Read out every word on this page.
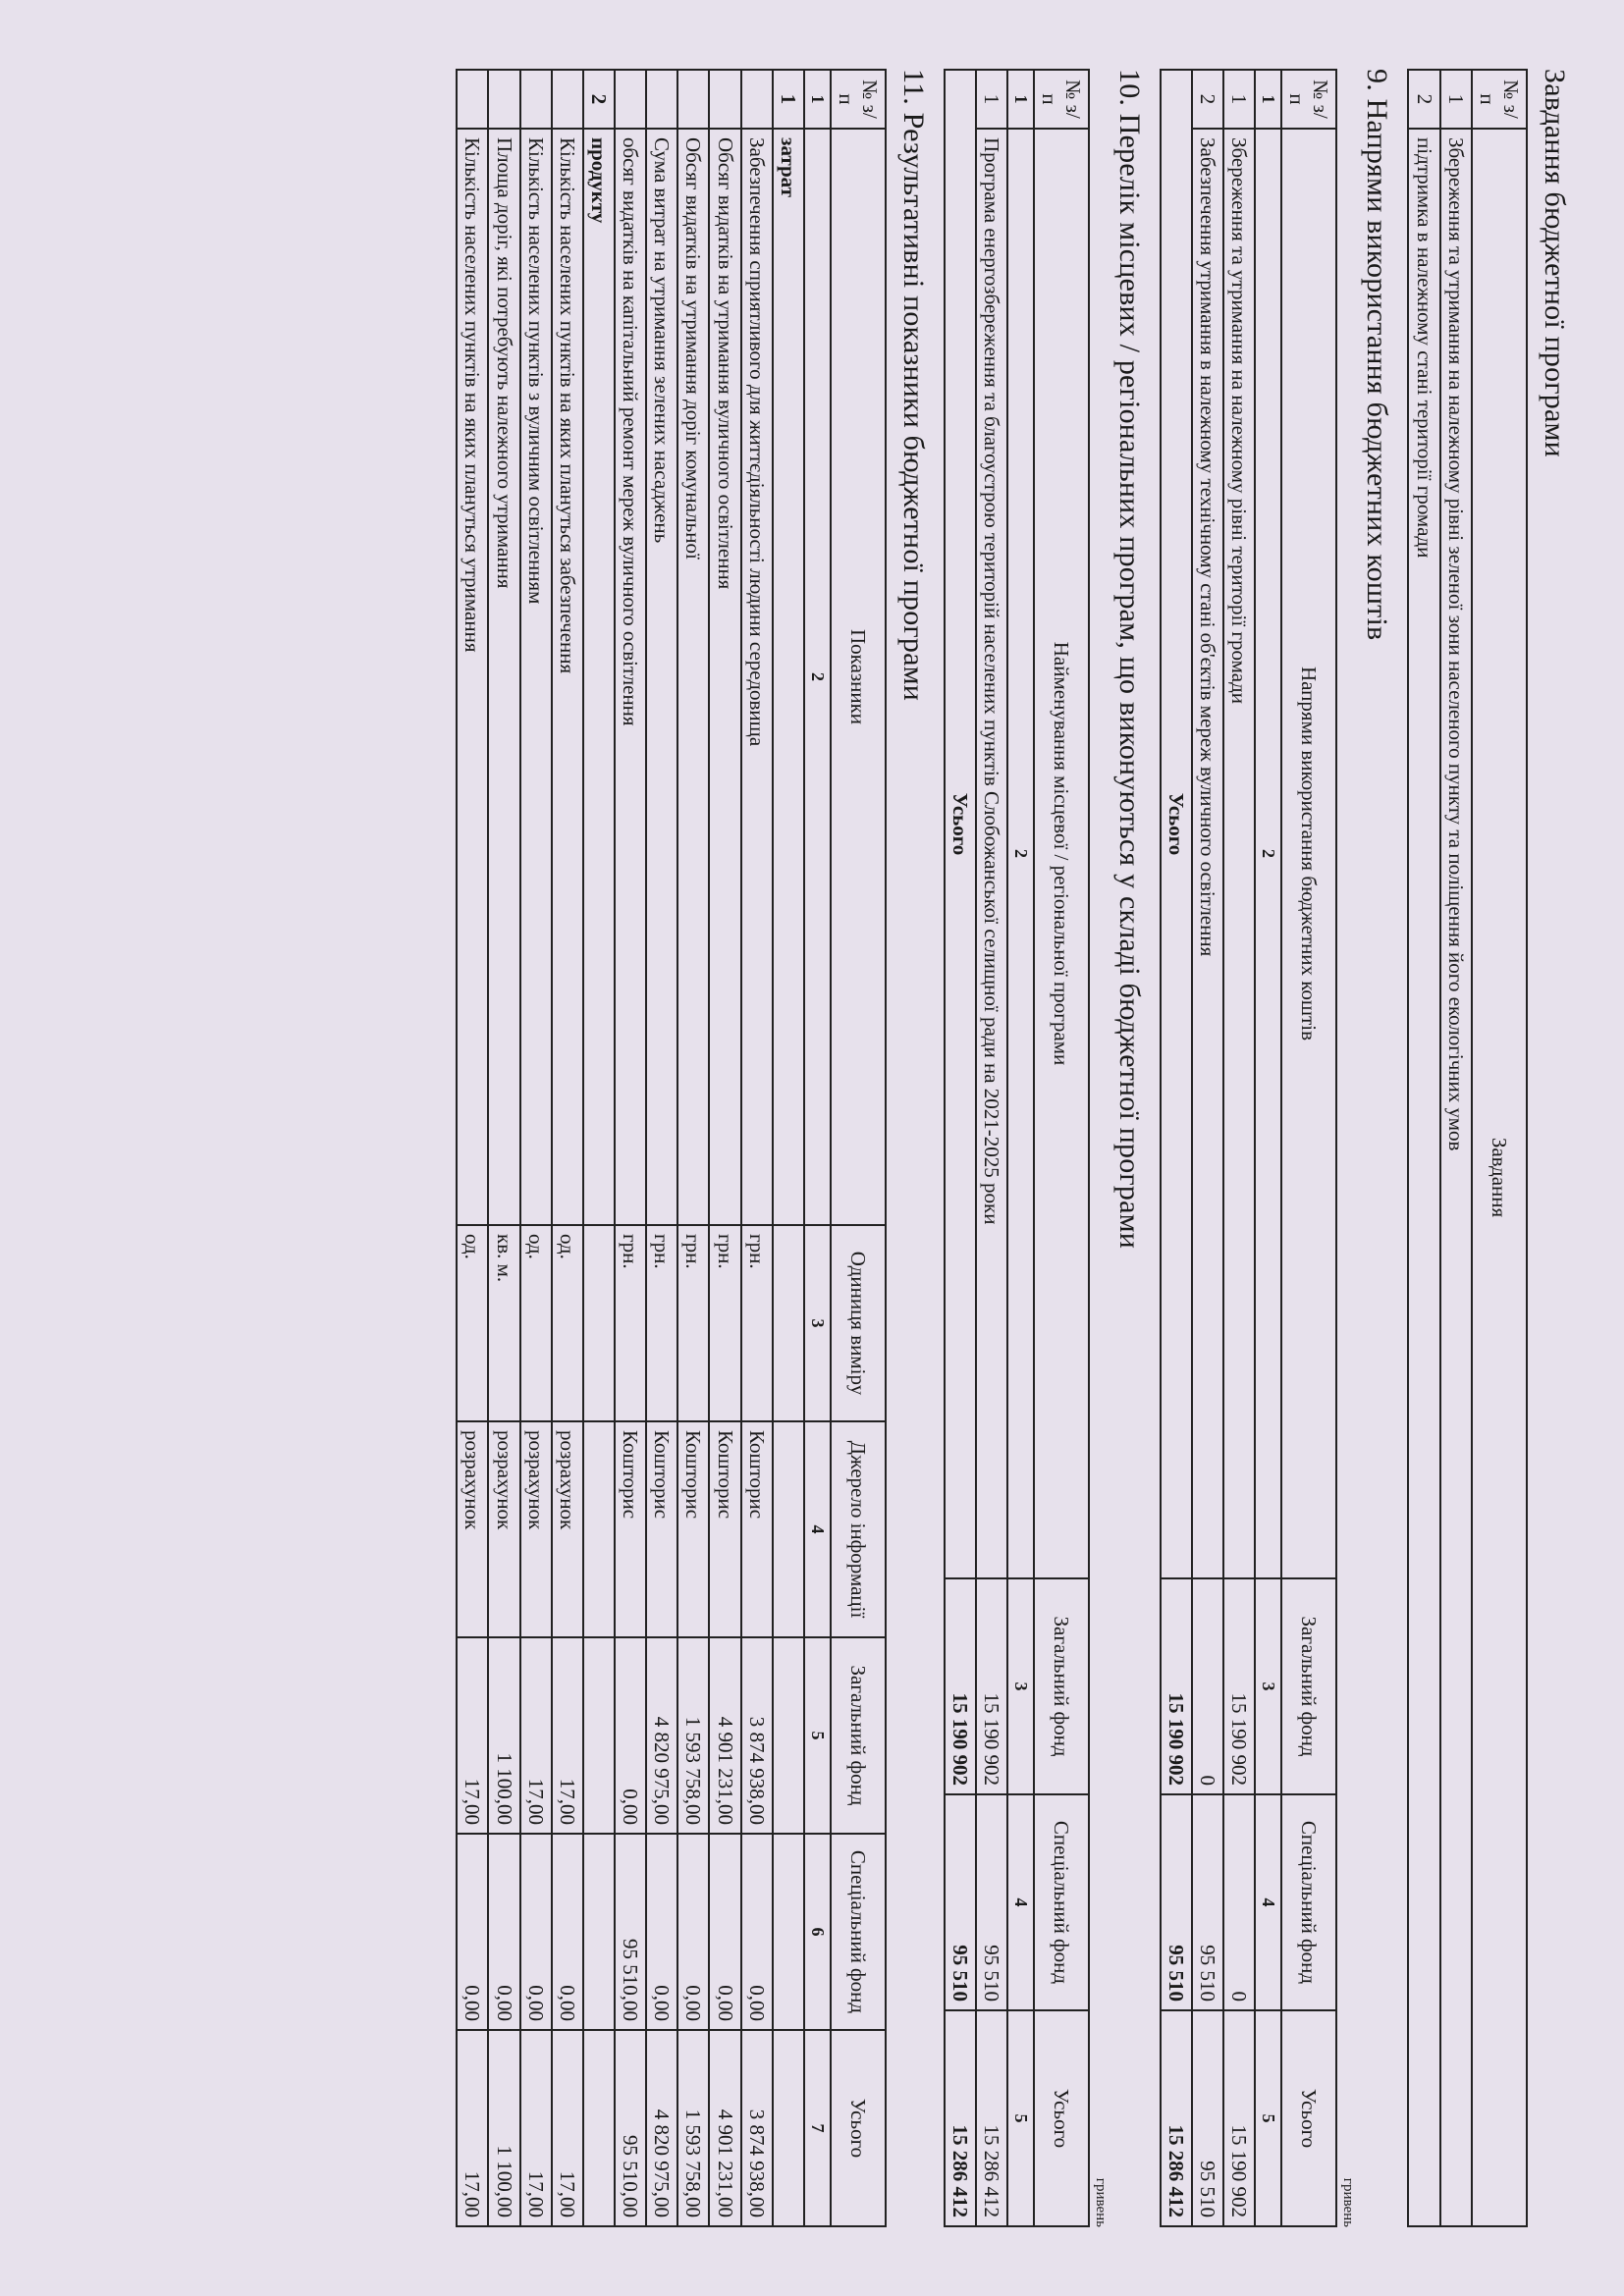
Завдання бюджетної програми
№ з/п	Завдання
1	Збереження та утримання на належному рівні зеленої зони населеного пункту та поліщення його екологічних умов
2	підтримка в належному стані території громади
9. Напрями використання бюджетних коштів
гривень
№ з/п	Напрями використання бюджетних коштів	Загальний фонд	Спеціальний фонд	Усього
1	2	3	4	5
1	Збереження та утримання на належному рівні території громади	15 190 902	0	15 190 902
2	Забезпечення утримання в належному технічному стані об'єктів мереж вуличного освітлення	0	95 510	95 510
Усього		15 190 902	95 510	15 286 412
10. Перелік місцевих / регіональних програм, що виконуються у складі бюджетної програми
гривень
№ з/п	Найменування місцевої / регіональної програми	Загальний фонд	Спеціальний фонд	Усього
1	2	3	4	5
1	Програма енергозбереження та благоустрою територій населених пунктів Слобожанської селищної ради на 2021-2025 роки	15 190 902	95 510	15 286 412
Усього		15 190 902	95 510	15 286 412
11. Результативні показники бюджетної програми
№ з/п	Показники	Одиниця виміру	Джерело інформації	Загальний фонд	Спеціальний фонд	Усього
1	2	3	4	5	6	7
1	затрат					
	Забезпечення сприятливого для життєдіяльності людини середовища	грн.	Кошторис	3 874 938,00	0,00	3 874 938,00
	Обсяг видатків на утримання вуличного освітлення	грн.	Кошторис	4 901 231,00	0,00	4 901 231,00
	Обсяг видатків на утримання доріг комунальної	грн.	Кошторис	1 593 758,00	0,00	1 593 758,00
	Сума витрат на утримання зелених насаджень	грн.	Кошторис	4 820 975,00	0,00	4 820 975,00
	обсяг видатків на капітальний ремонт мереж вуличного освітлення	грн.	Кошторис	0,00	95 510,00	95 510,00
2	продукту					
	Кількість населених пунктів на яких плануться забезпечення	од.	розрахунок	17,00	0,00	17,00
	Кількість населених пунктів з вуличним освітленням	од.	розрахунок	17,00	0,00	17,00
	Площа доріг, які потребують належного утримання	кв. м.	розрахунок	1 100,00	0,00	1 100,00
	Кількість населених пунктів на яких плануться утримання	од.	розрахунок	17,00	0,00	17,00
